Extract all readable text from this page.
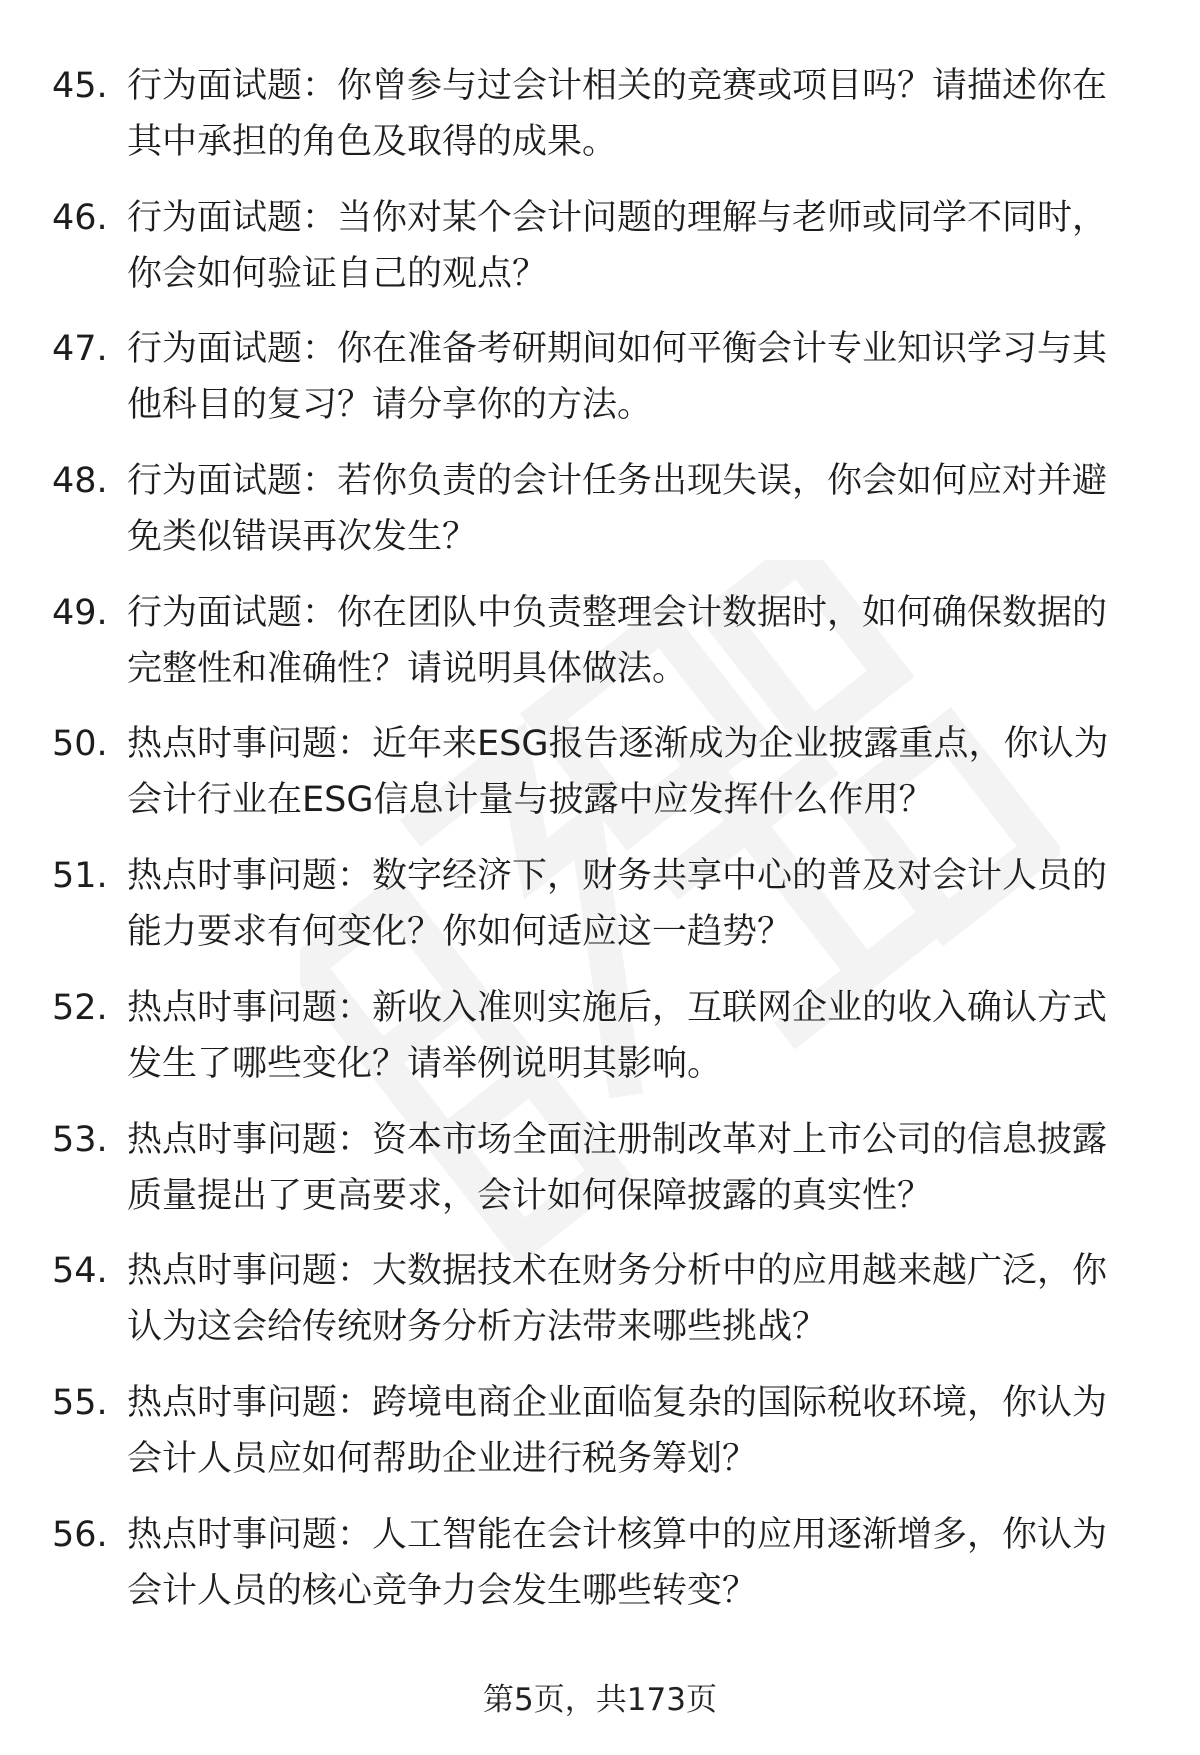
45. 行为面试题：你曾参与过会计相关的竞赛或项目吗？请描述你在其中承担的角色及取得的成果。
46. 行为面试题：当你对某个会计问题的理解与老师或同学不同时，你会如何验证自己的观点？
47. 行为面试题：你在准备考研期间如何平衡会计专业知识学习与其他科目的复习？请分享你的方法。
48. 行为面试题：若你负责的会计任务出现失误，你会如何应对并避免类似错误再次发生？
49. 行为面试题：你在团队中负责整理会计数据时，如何确保数据的完整性和准确性？请说明具体做法。
50. 热点时事问题：近年来ESG报告逐渐成为企业披露重点，你认为会计行业在ESG信息计量与披露中应发挥什么作用？
51. 热点时事问题：数字经济下，财务共享中心的普及对会计人员的能力要求有何变化？你如何适应这一趋势？
52. 热点时事问题：新收入准则实施后，互联网企业的收入确认方式发生了哪些变化？请举例说明其影响。
53. 热点时事问题：资本市场全面注册制改革对上市公司的信息披露质量提出了更高要求，会计如何保障披露的真实性？
54. 热点时事问题：大数据技术在财务分析中的应用越来越广泛，你认为这会给传统财务分析方法带来哪些挑战？
55. 热点时事问题：跨境电商企业面临复杂的国际税收环境，你认为会计人员应如何帮助企业进行税务筹划？
56. 热点时事问题：人工智能在会计核算中的应用逐渐增多，你认为会计人员的核心竞争力会发生哪些转变？
第5页，共173页
